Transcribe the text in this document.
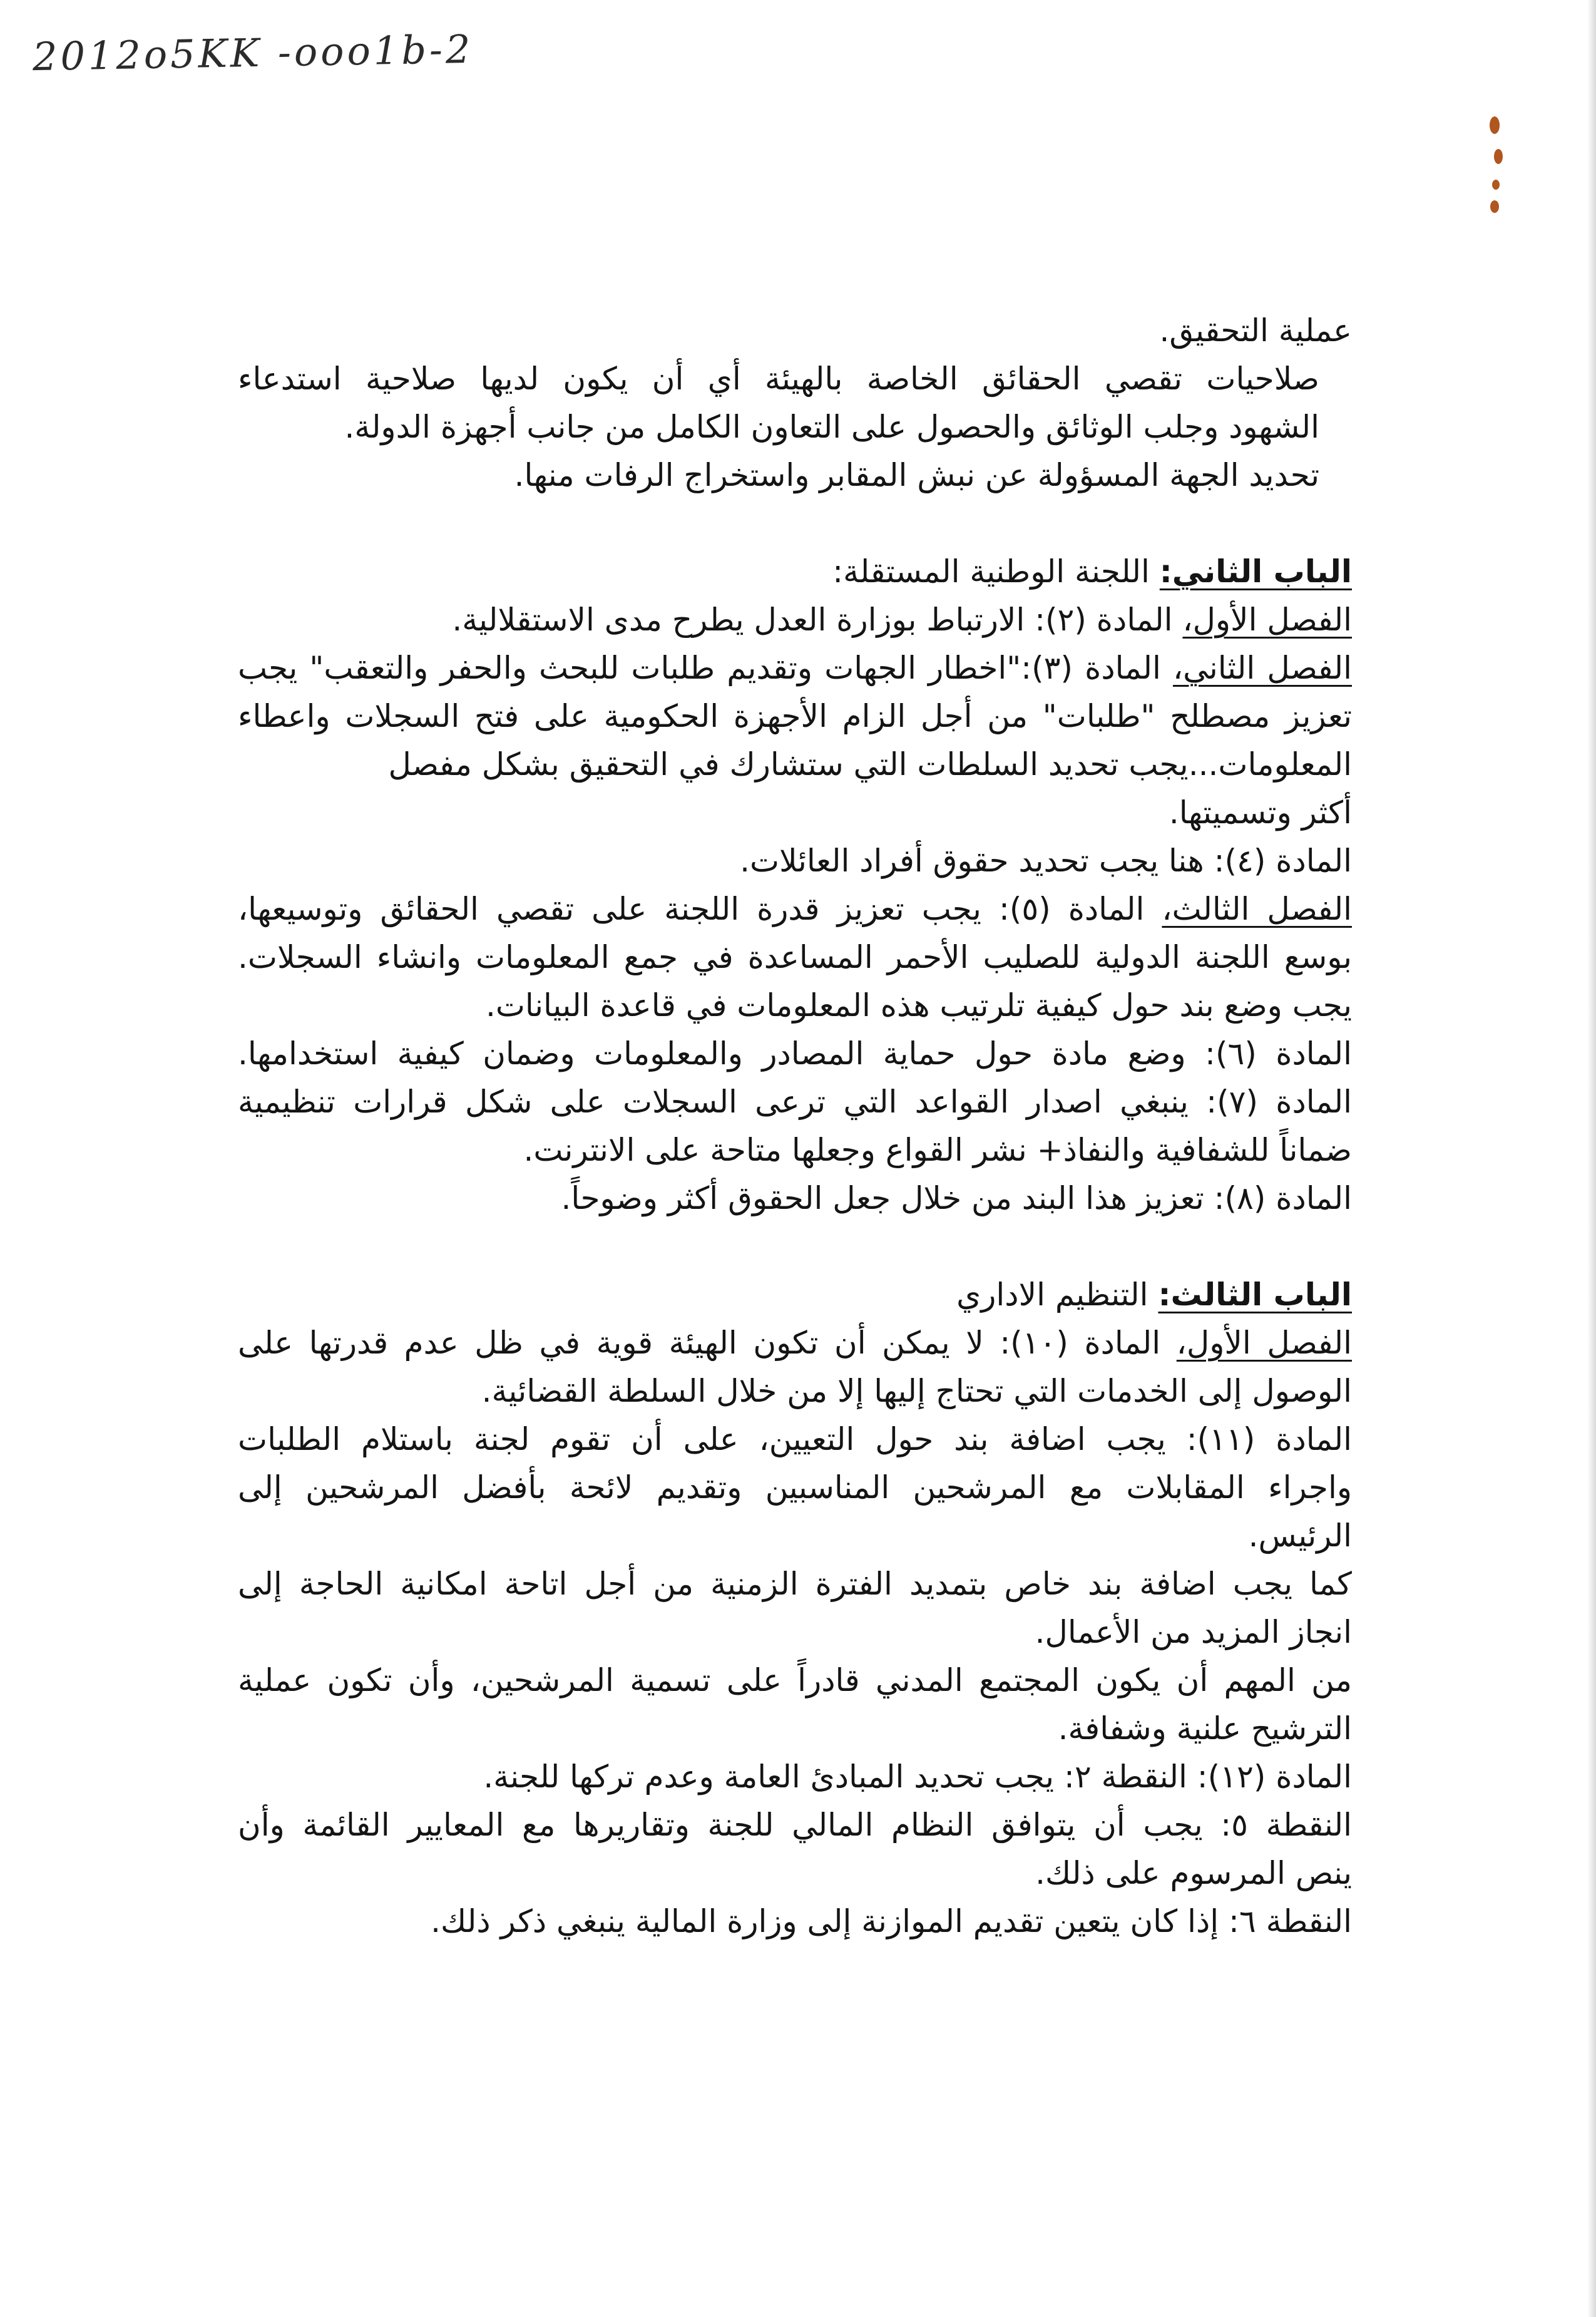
2012o5KK -ooo1b-2
عملية التحقيق.
صلاحيات تقصي الحقائق الخاصة بالهيئة أي أن يكون لديها صلاحية استدعاء
الشهود وجلب الوثائق والحصول على التعاون الكامل من جانب أجهزة الدولة.
تحديد الجهة المسؤولة عن نبش المقابر واستخراج الرفات منها.
الباب الثاني: اللجنة الوطنية المستقلة:
الفصل الأول، المادة (٢): الارتباط بوزارة العدل يطرح مدى الاستقلالية.
الفصل الثاني، المادة (٣):"اخطار الجهات وتقديم طلبات للبحث والحفر والتعقب" يجب
تعزيز مصطلح "طلبات" من أجل الزام الأجهزة الحكومية على فتح السجلات واعطاء
المعلومات...يجب تحديد السلطات التي ستشارك في التحقيق بشكل مفصل
أكثر وتسميتها.
المادة (٤): هنا يجب تحديد حقوق أفراد العائلات.
الفصل الثالث، المادة (٥): يجب تعزيز قدرة اللجنة على تقصي الحقائق وتوسيعها،
بوسع اللجنة الدولية للصليب الأحمر المساعدة في جمع المعلومات وانشاء السجلات.
يجب وضع بند حول كيفية تلرتيب هذه المعلومات في قاعدة البيانات.
المادة (٦): وضع مادة حول حماية المصادر والمعلومات وضمان كيفية استخدامها.
المادة (٧): ينبغي اصدار القواعد التي ترعى السجلات على شكل قرارات تنظيمية
ضماناً للشفافية والنفاذ+ نشر القواع وجعلها متاحة على الانترنت.
المادة (٨): تعزيز هذا البند من خلال جعل الحقوق أكثر وضوحاً.
الباب الثالث: التنظيم الاداري
الفصل الأول، المادة (١٠): لا يمكن أن تكون الهيئة قوية في ظل عدم قدرتها على
الوصول إلى الخدمات التي تحتاج إليها إلا من خلال السلطة القضائية.
المادة (١١): يجب اضافة بند حول التعيين، على أن تقوم لجنة باستلام الطلبات
واجراء المقابلات مع المرشحين المناسبين وتقديم لائحة بأفضل المرشحين إلى
الرئيس.
كما يجب اضافة بند خاص بتمديد الفترة الزمنية من أجل اتاحة امكانية الحاجة إلى
انجاز المزيد من الأعمال.
من المهم أن يكون المجتمع المدني قادراً على تسمية المرشحين، وأن تكون عملية
الترشيح علنية وشفافة.
المادة (١٢): النقطة ٢: يجب تحديد المبادئ العامة وعدم تركها للجنة.
النقطة ٥: يجب أن يتوافق النظام المالي للجنة وتقاريرها مع المعايير القائمة وأن
ينص المرسوم على ذلك.
النقطة ٦: إذا كان يتعين تقديم الموازنة إلى وزارة المالية ينبغي ذكر ذلك.
